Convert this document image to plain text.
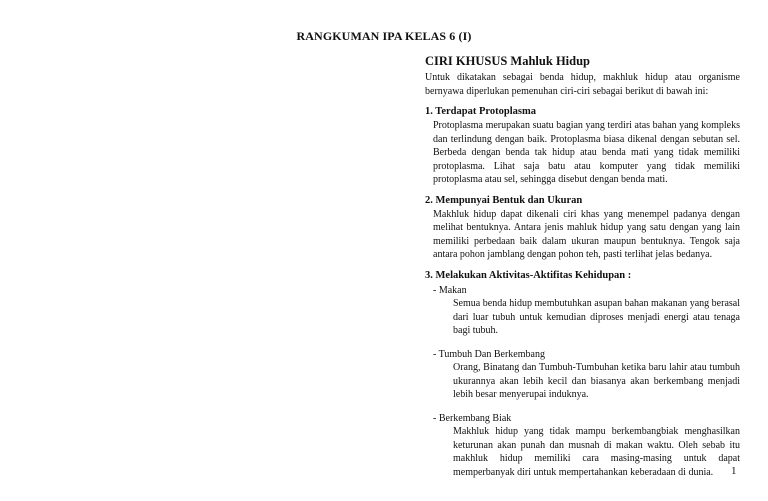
RANGKUMAN IPA KELAS 6 (I)

CIRI KHUSUS Mahluk Hidup

Untuk dikatakan sebagai benda hidup, makhluk hidup atau organisme bernyawa diperlukan pemenuhan ciri-ciri sebagai berikut di bawah ini:

1. Terdapat Protoplasma

Protoplasma merupakan suatu bagian yang terdiri atas bahan yang kompleks dan terlindung dengan baik. Protoplasma biasa dikenal dengan sebutan sel. Berbeda dengan benda tak hidup atau benda mati yang tidak memiliki protoplasma. Lihat saja batu atau komputer yang tidak memiliki protoplasma atau sel, sehingga disebut dengan benda mati.

2. Mempunyai Bentuk dan Ukuran

Makhluk hidup dapat dikenali ciri khas yang menempel padanya dengan melihat bentuknya. Antara jenis mahluk hidup yang satu dengan yang lain memiliki perbedaan baik dalam ukuran maupun bentuknya. Tengok saja antara pohon jamblang dengan pohon teh, pasti terlihat jelas bedanya.

3. Melakukan Aktivitas-Aktifitas Kehidupan :

- Makan

Semua benda hidup membutuhkan asupan bahan makanan yang berasal dari luar tubuh untuk kemudian diproses menjadi energi atau tenaga bagi tubuh.

- Tumbuh Dan Berkembang

Orang, Binatang dan Tumbuh-Tumbuhan ketika baru lahir atau tumbuh ukurannya akan lebih kecil dan biasanya akan berkembang menjadi lebih besar menyerupai induknya.

- Berkembang Biak

Makhluk hidup yang tidak mampu berkembangbiak menghasilkan keturunan akan punah dan musnah di makan waktu. Oleh sebab itu makhluk hidup memiliki cara masing-masing untuk dapat memperbanyak diri untuk mempertahankan keberadaan di dunia.	1
